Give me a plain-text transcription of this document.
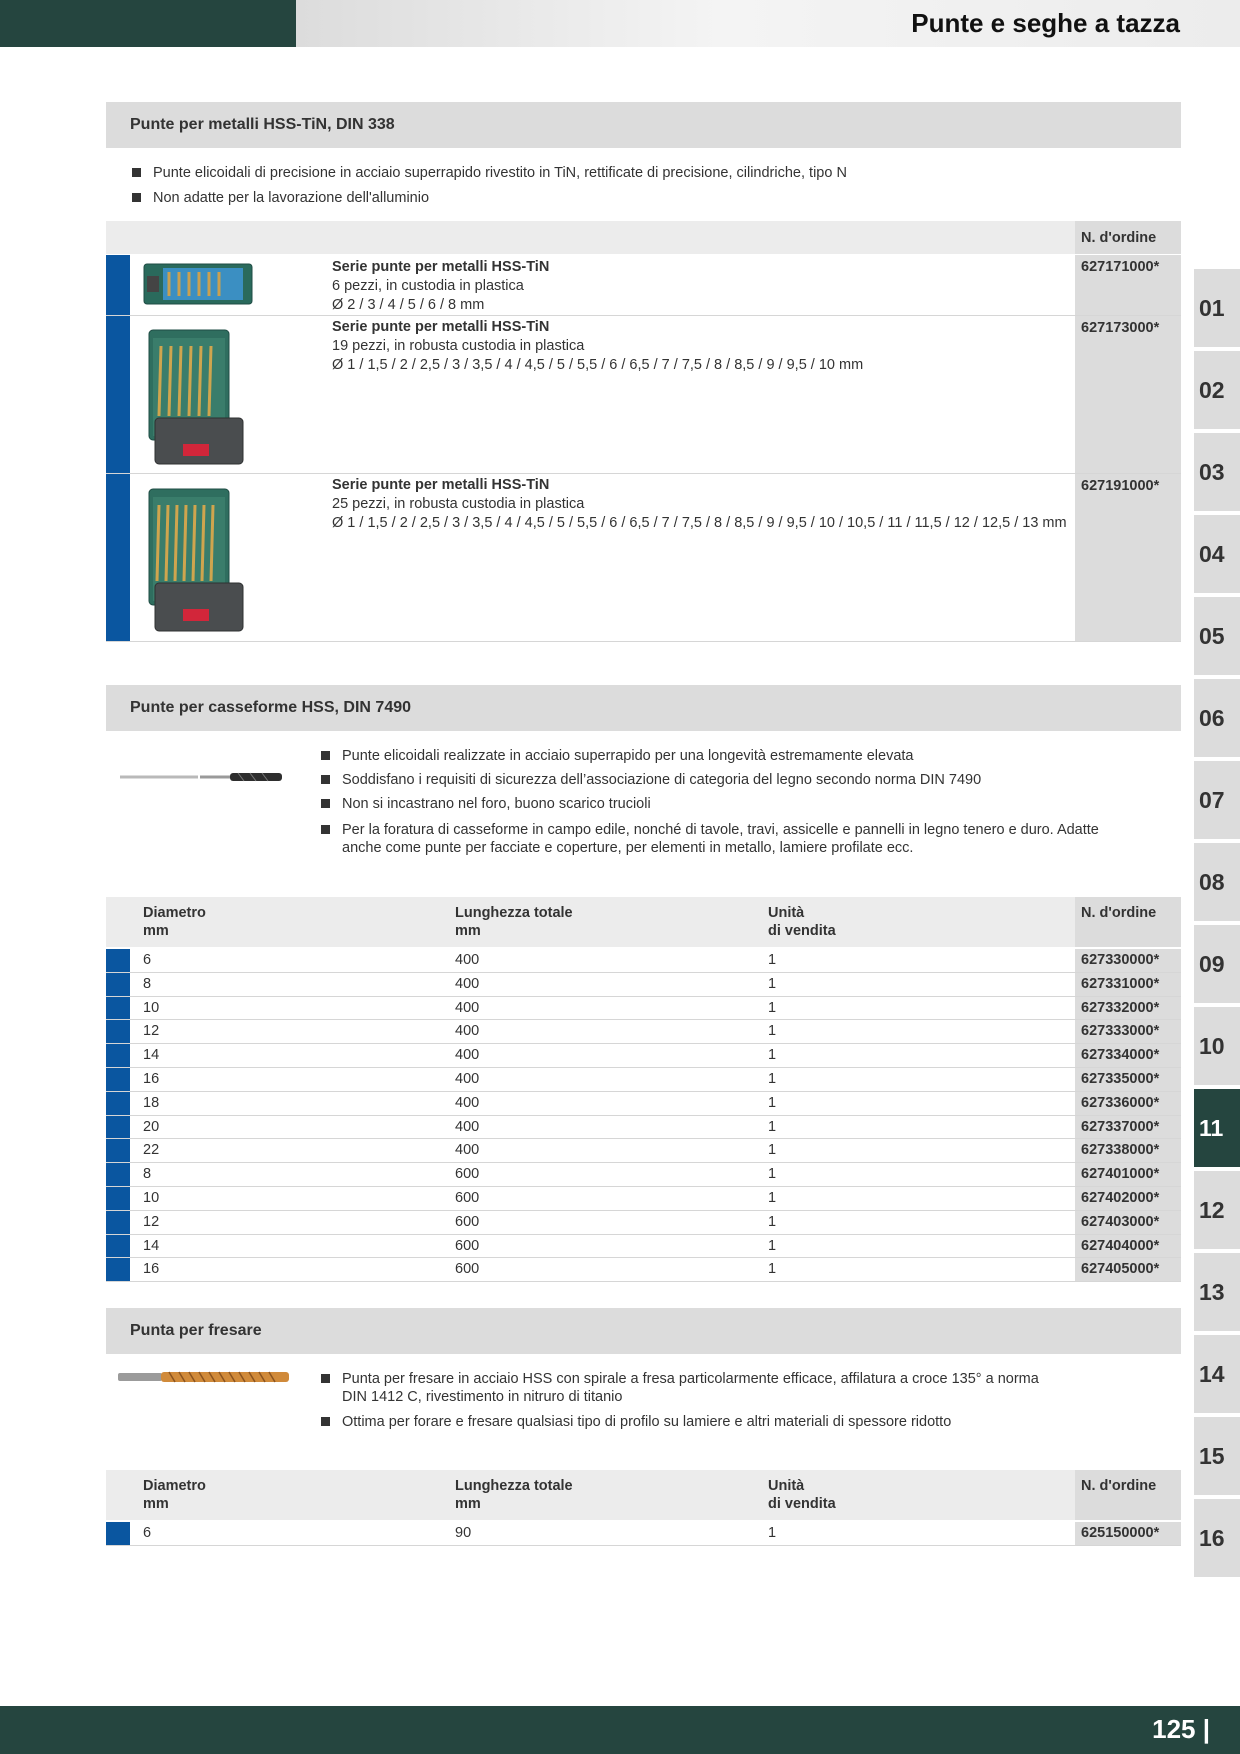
Punte e seghe a tazza
01
02
03
04
05
06
07
08
09
10
11
12
13
14
15
16
Punte per metalli HSS-TiN, DIN 338
Punte elicoidali di precisione in acciaio superrapido rivestito in TiN, rettificate di precisione, cilindriche, tipo N
Non adatte per la lavorazione dell'alluminio
N. d'ordine
Serie punte per metalli HSS-TiN
6 pezzi, in custodia in plastica
Ø 2 / 3 / 4 / 5 / 6 / 8 mm
627171000*
Serie punte per metalli HSS-TiN
19 pezzi, in robusta custodia in plastica
Ø 1 / 1,5 / 2 / 2,5 / 3 / 3,5 / 4 / 4,5 / 5 / 5,5 / 6 / 6,5 / 7 / 7,5 / 8 / 8,5 / 9 / 9,5 / 10 mm
627173000*
Serie punte per metalli HSS-TiN
25 pezzi, in robusta custodia in plastica
Ø 1 / 1,5 / 2 / 2,5 / 3 / 3,5 / 4 / 4,5 / 5 / 5,5 / 6 / 6,5 / 7 / 7,5 / 8 / 8,5 / 9 / 9,5 / 10 / 10,5 / 11 / 11,5 / 12 / 12,5 / 13 mm
627191000*
Punte per casseforme HSS, DIN 7490
Punte elicoidali realizzate in acciaio superrapido per una longevità estremamente elevata
Soddisfano i requisiti di sicurezza dell’associazione di categoria del legno secondo norma DIN 7490
Non si incastrano nel foro, buono scarico trucioli
Per la foratura di casseforme in campo edile, nonché di tavole, travi, assicelle e pannelli in legno tenero e duro. Adatte
anche come punte per facciate e coperture, per elementi in metallo, lamiere profilate ecc.
Diametro
mm
Lunghezza totale
mm
Unità
di vendita
N. d'ordine
6	400	1	627330000*
8	400	1	627331000*
10	400	1	627332000*
12	400	1	627333000*
14	400	1	627334000*
16	400	1	627335000*
18	400	1	627336000*
20	400	1	627337000*
22	400	1	627338000*
8	600	1	627401000*
10	600	1	627402000*
12	600	1	627403000*
14	600	1	627404000*
16	600	1	627405000*
Punta per fresare
Punta per fresare in acciaio HSS con spirale a fresa particolarmente efficace, affilatura a croce 135° a norma
DIN 1412 C, rivestimento in nitruro di titanio
Ottima per forare e fresare qualsiasi tipo di profilo su lamiere e altri materiali di spessore ridotto
Diametro
mm
Lunghezza totale
mm
Unità
di vendita
N. d'ordine
6	90	1	625150000*
125 |
